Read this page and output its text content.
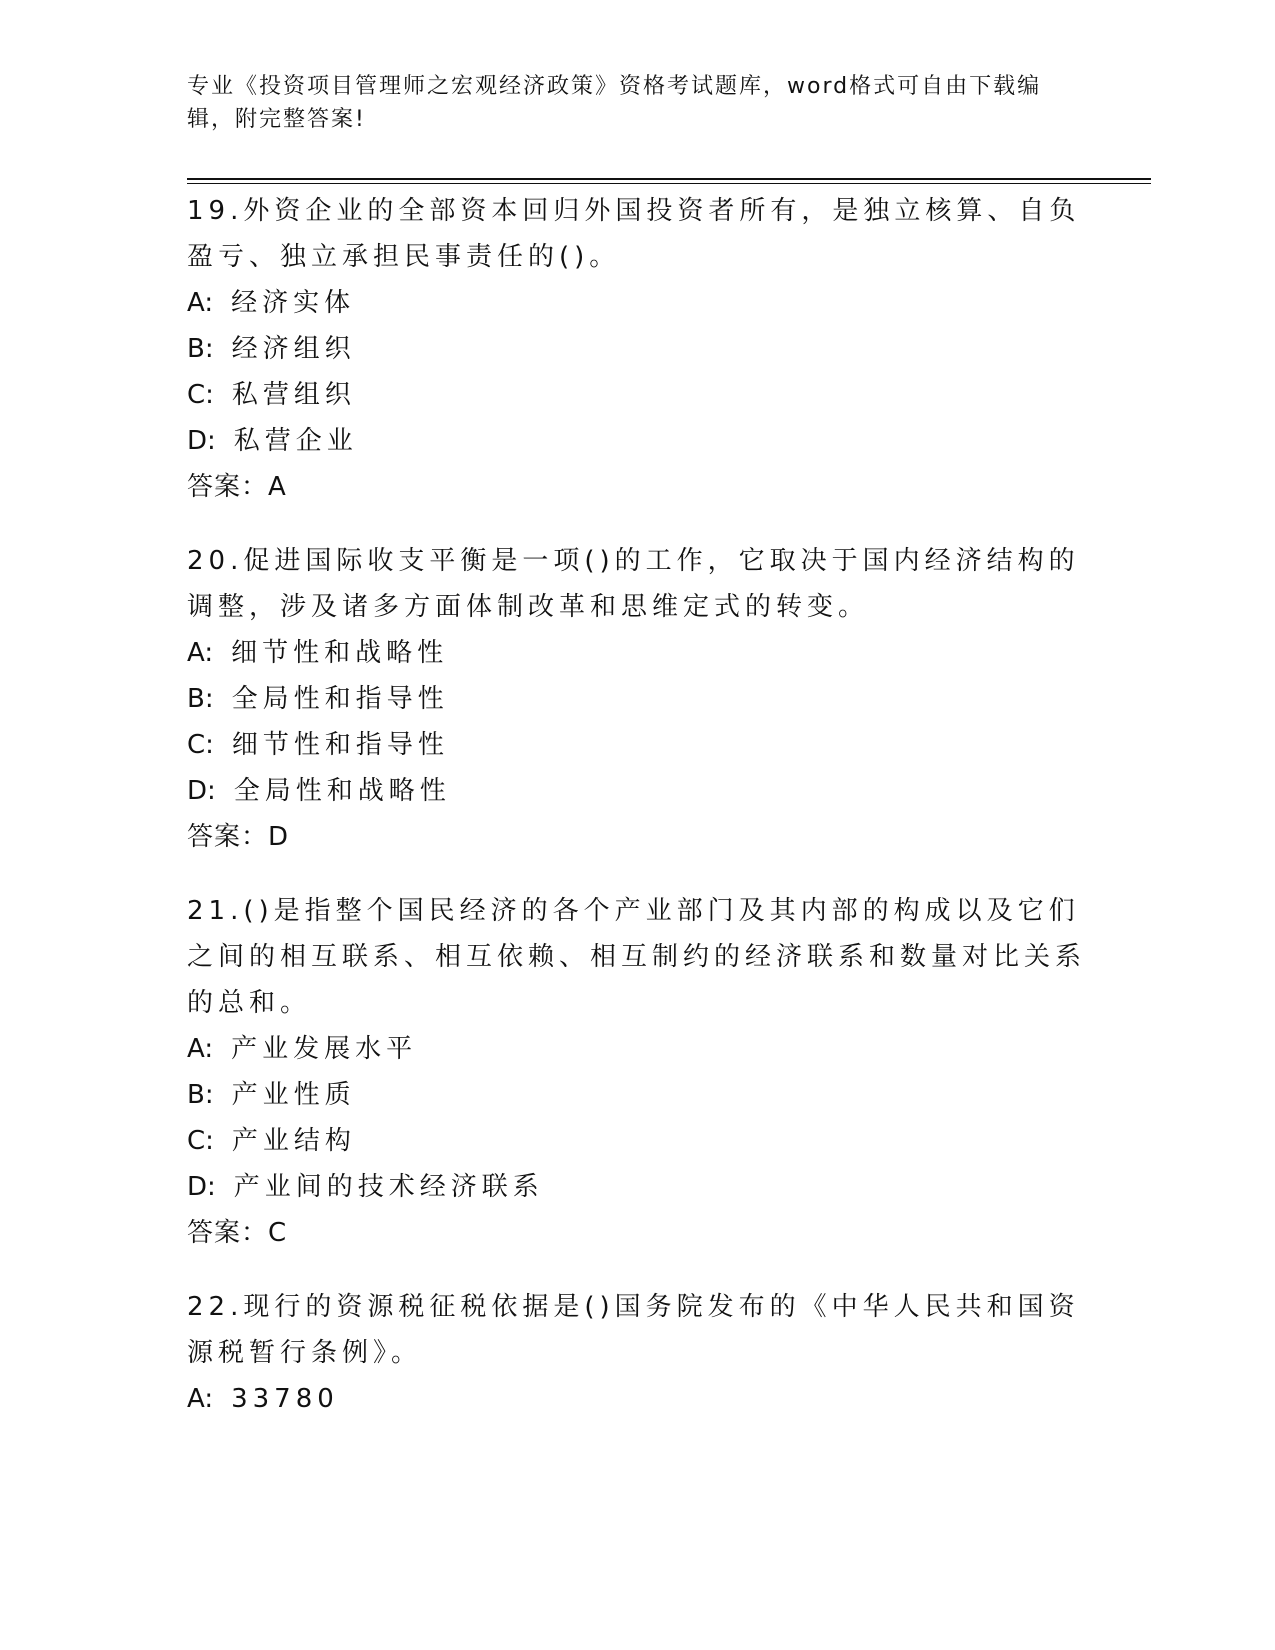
专业《投资项目管理师之宏观经济政策》资格考试题库，word格式可自由下载编辑，附完整答案!
19.外资企业的全部资本回归外国投资者所有，是独立核算、自负盈亏、独立承担民事责任的()。
A: 经济实体
B: 经济组织
C: 私营组织
D: 私营企业
答案：A
20.促进国际收支平衡是一项()的工作，它取决于国内经济结构的调整，涉及诸多方面体制改革和思维定式的转变。
A: 细节性和战略性
B: 全局性和指导性
C: 细节性和指导性
D: 全局性和战略性
答案：D
21.()是指整个国民经济的各个产业部门及其内部的构成以及它们之间的相互联系、相互依赖、相互制约的经济联系和数量对比关系的总和。
A: 产业发展水平
B: 产业性质
C: 产业结构
D: 产业间的技术经济联系
答案：C
22.现行的资源税征税依据是()国务院发布的《中华人民共和国资源税暂行条例》。
A: 33780
